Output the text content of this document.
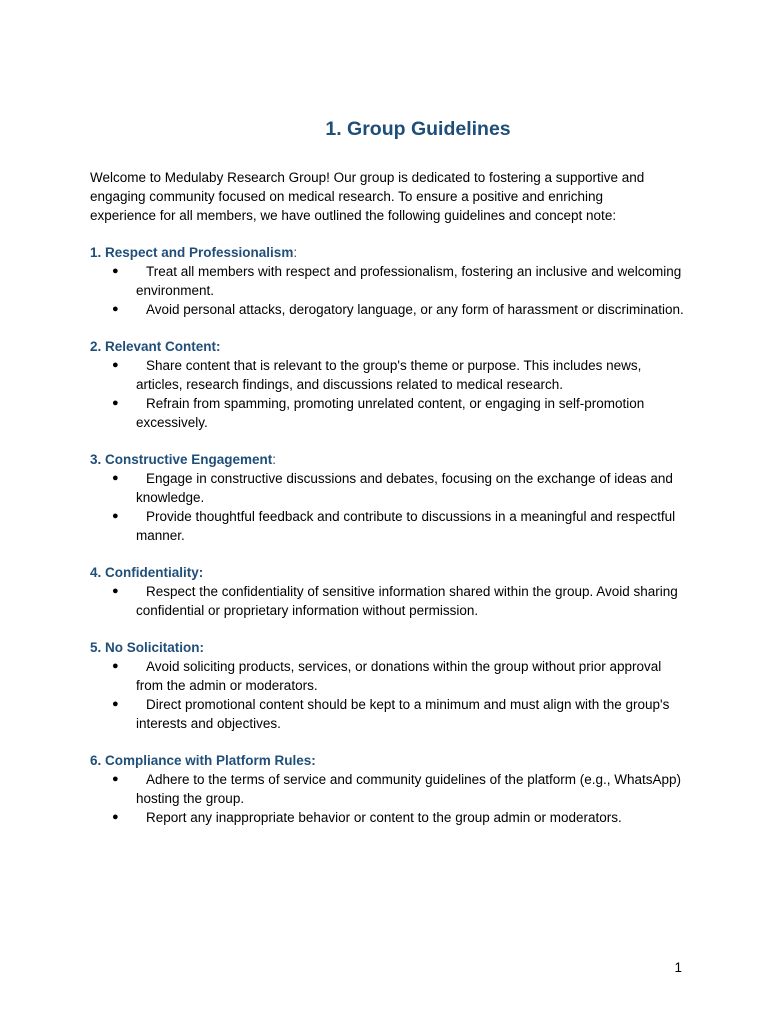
1. Group Guidelines
Welcome to Medulaby Research Group! Our group is dedicated to fostering a supportive and engaging community focused on medical research. To ensure a positive and enriching experience for all members, we have outlined the following guidelines and concept note:
1. Respect and Professionalism:
●	Treat all members with respect and professionalism, fostering an inclusive and welcoming environment.
●	Avoid personal attacks, derogatory language, or any form of harassment or discrimination.
2. Relevant Content:
●	Share content that is relevant to the group's theme or purpose. This includes news, articles, research findings, and discussions related to medical research.
●	Refrain from spamming, promoting unrelated content, or engaging in self-promotion excessively.
3. Constructive Engagement:
●	Engage in constructive discussions and debates, focusing on the exchange of ideas and knowledge.
●	Provide thoughtful feedback and contribute to discussions in a meaningful and respectful manner.
4. Confidentiality:
●	Respect the confidentiality of sensitive information shared within the group. Avoid sharing confidential or proprietary information without permission.
5. No Solicitation:
●	Avoid soliciting products, services, or donations within the group without prior approval from the admin or moderators.
●	Direct promotional content should be kept to a minimum and must align with the group's interests and objectives.
6. Compliance with Platform Rules:
●	Adhere to the terms of service and community guidelines of the platform (e.g., WhatsApp) hosting the group.
●	Report any inappropriate behavior or content to the group admin or moderators.
1
